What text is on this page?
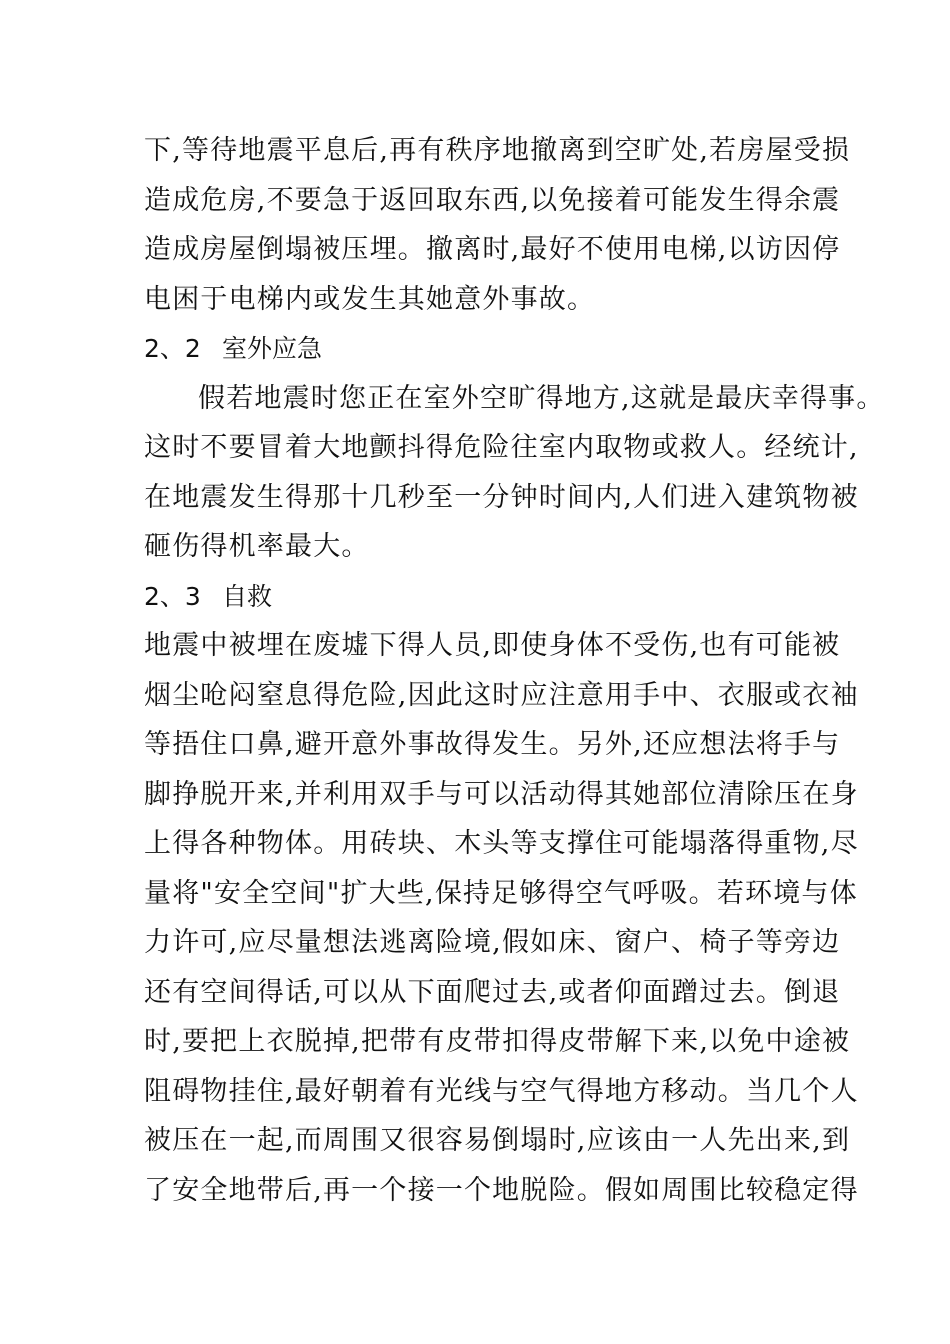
下,等待地震平息后,再有秩序地撤离到空旷处,若房屋受损
造成危房,不要急于返回取东西,以免接着可能发生得余震
造成房屋倒塌被压埋。撤离时,最好不使用电梯,以访因停
电困于电梯内或发生其她意外事故。
2、2 室外应急
假若地震时您正在室外空旷得地方,这就是最庆幸得事。
这时不要冒着大地颤抖得危险往室内取物或救人。经统计,
在地震发生得那十几秒至一分钟时间内,人们进入建筑物被
砸伤得机率最大。
2、3 自救
地震中被埋在废墟下得人员,即使身体不受伤,也有可能被
烟尘呛闷窒息得危险,因此这时应注意用手中、衣服或衣袖
等捂住口鼻,避开意外事故得发生。另外,还应想法将手与
脚挣脱开来,并利用双手与可以活动得其她部位清除压在身
上得各种物体。用砖块、木头等支撑住可能塌落得重物,尽
量将"安全空间"扩大些,保持足够得空气呼吸。若环境与体
力许可,应尽量想法逃离险境,假如床、窗户、椅子等旁边
还有空间得话,可以从下面爬过去,或者仰面蹭过去。倒退
时,要把上衣脱掉,把带有皮带扣得皮带解下来,以免中途被
阻碍物挂住,最好朝着有光线与空气得地方移动。当几个人
被压在一起,而周围又很容易倒塌时,应该由一人先出来,到
了安全地带后,再一个接一个地脱险。假如周围比较稳定得
